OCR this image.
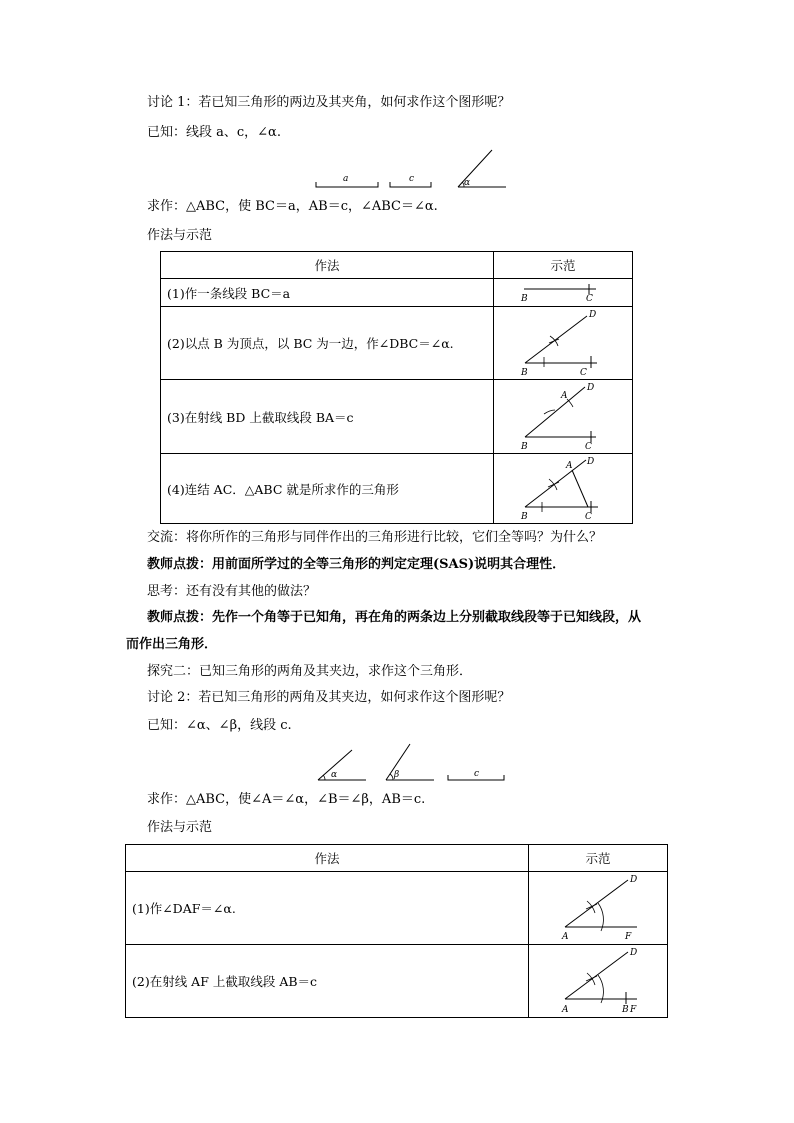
讨论 1：若已知三角形的两边及其夹角，如何求作这个图形呢？
已知：线段 a、c，∠α.
a	c	α
求作：△ABC，使 BC＝a，AB＝c，∠ABC＝∠α.
作法与示范
作法	示范
(1)作一条线段 BC＝a	B C

(2)以点 B 为顶点，以 BC 为一边，作∠DBC＝∠α.	D
B C

(3)在射线 BD 上截取线段 BA＝c	A
D
B C

(4)连结 AC．△ABC 就是所求作的三角形	A D
B C
交流：将你所作的三角形与同伴作出的三角形进行比较，它们全等吗？为什么？
教师点拨：用前面所学过的全等三角形的判定定理(SAS)说明其合理性．
思考：还有没有其他的做法？
教师点拨：先作一个角等于已知角，再在角的两条边上分别截取线段等于已知线段，从
而作出三角形．
探究二：已知三角形的两角及其夹边，求作这个三角形．
讨论 2：若已知三角形的两角及其夹边，如何求作这个图形呢？
已知：∠α、∠β，线段 c.
α	β	c
求作：△ABC，使∠A＝∠α，∠B＝∠β，AB＝c.
作法与示范
作法	示范
(1)作∠DAF＝∠α.	D
A F

(2)在射线 AF 上截取线段 AB＝c	D
A B F
